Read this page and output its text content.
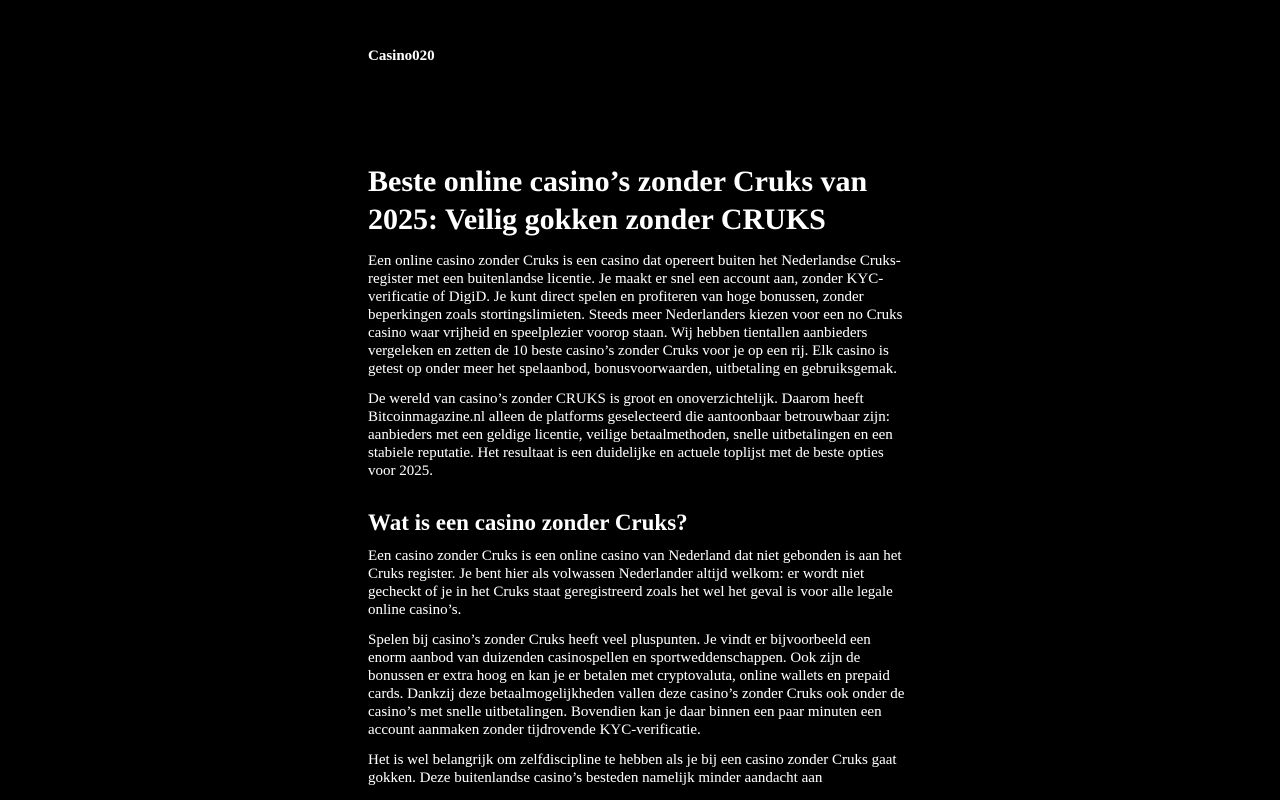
Casino020
Beste online casino’s zonder Cruks van 2025: Veilig gokken zonder CRUKS

Een online casino zonder Cruks is een casino dat opereert buiten het Nederlandse Cruks-register met een buitenlandse licentie. Je maakt er snel een account aan, zonder KYC-verificatie of DigiD. Je kunt direct spelen en profiteren van hoge bonussen, zonder beperkingen zoals stortingslimieten. Steeds meer Nederlanders kiezen voor een no Cruks casino waar vrijheid en speelplezier voorop staan. Wij hebben tientallen aanbieders vergeleken en zetten de 10 beste casino’s zonder Cruks voor je op een rij. Elk casino is getest op onder meer het spelaanbod, bonusvoorwaarden, uitbetaling en gebruiksgemak.

De wereld van casino’s zonder CRUKS is groot en onoverzichtelijk. Daarom heeft Bitcoinmagazine.nl alleen de platforms geselecteerd die aantoonbaar betrouwbaar zijn: aanbieders met een geldige licentie, veilige betaalmethoden, snelle uitbetalingen en een stabiele reputatie. Het resultaat is een duidelijke en actuele toplijst met de beste opties voor 2025.

Wat is een casino zonder Cruks?

Een casino zonder Cruks is een online casino van Nederland dat niet gebonden is aan het Cruks register. Je bent hier als volwassen Nederlander altijd welkom: er wordt niet gecheckt of je in het Cruks staat geregistreerd zoals het wel het geval is voor alle legale online casino’s.

Spelen bij casino’s zonder Cruks heeft veel pluspunten. Je vindt er bijvoorbeeld een enorm aanbod van duizenden casinospellen en sportweddenschappen. Ook zijn de bonussen er extra hoog en kan je er betalen met cryptovaluta, online wallets en prepaid cards. Dankzij deze betaalmogelijkheden vallen deze casino’s zonder Cruks ook onder de casino’s met snelle uitbetalingen. Bovendien kan je daar binnen een paar minuten een account aanmaken zonder tijdrovende KYC-verificatie.

Het is wel belangrijk om zelfdiscipline te hebben als je bij een casino zonder Cruks gaat gokken. Deze buitenlandse casino’s besteden namelijk minder aandacht aan
